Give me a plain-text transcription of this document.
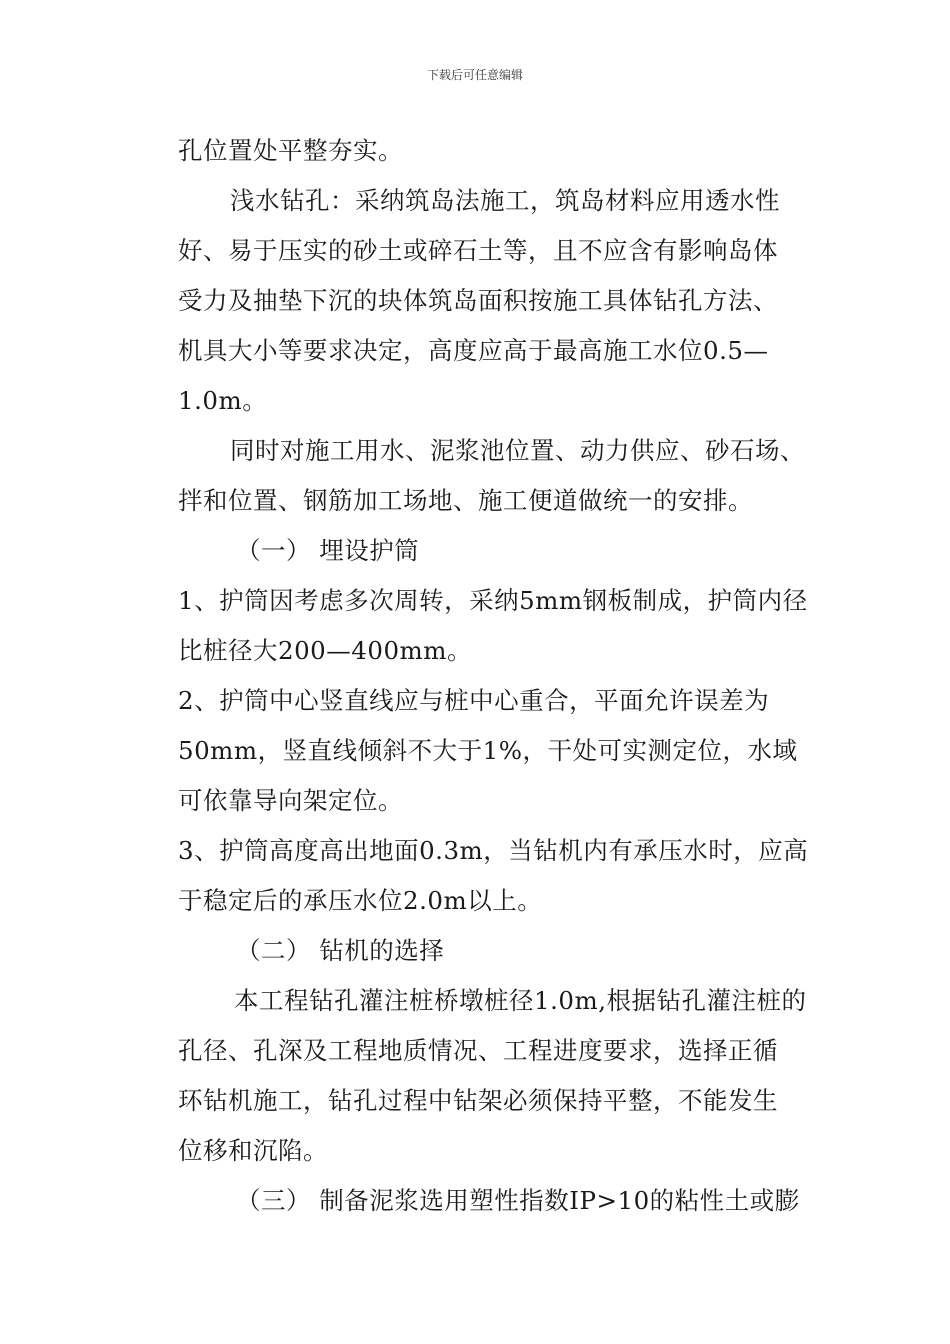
下载后可任意编辑
孔位置处平整夯实。
浅水钻孔：采纳筑岛法施工，筑岛材料应用透水性
好、易于压实的砂土或碎石土等，且不应含有影响岛体
受力及抽垫下沉的块体筑岛面积按施工具体钻孔方法、
机具大小等要求决定，高度应高于最高施工水位0.5—
1.0m。
同时对施工用水、泥浆池位置、动力供应、砂石场、
拌和位置、钢筋加工场地、施工便道做统一的安排。
（一） 埋设护筒
1、护筒因考虑多次周转，采纳5mm钢板制成，护筒内径
比桩径大200—400mm。
2、护筒中心竖直线应与桩中心重合，平面允许误差为
50mm，竖直线倾斜不大于1%，干处可实测定位，水域
可依靠导向架定位。
3、护筒高度高出地面0.3m，当钻机内有承压水时，应高
于稳定后的承压水位2.0m以上。
（二） 钻机的选择
本工程钻孔灌注桩桥墩桩径1.0m,根据钻孔灌注桩的
孔径、孔深及工程地质情况、工程进度要求，选择正循
环钻机施工，钻孔过程中钻架必须保持平整，不能发生
位移和沉陷。
（三） 制备泥浆选用塑性指数IP>10的粘性土或膨
